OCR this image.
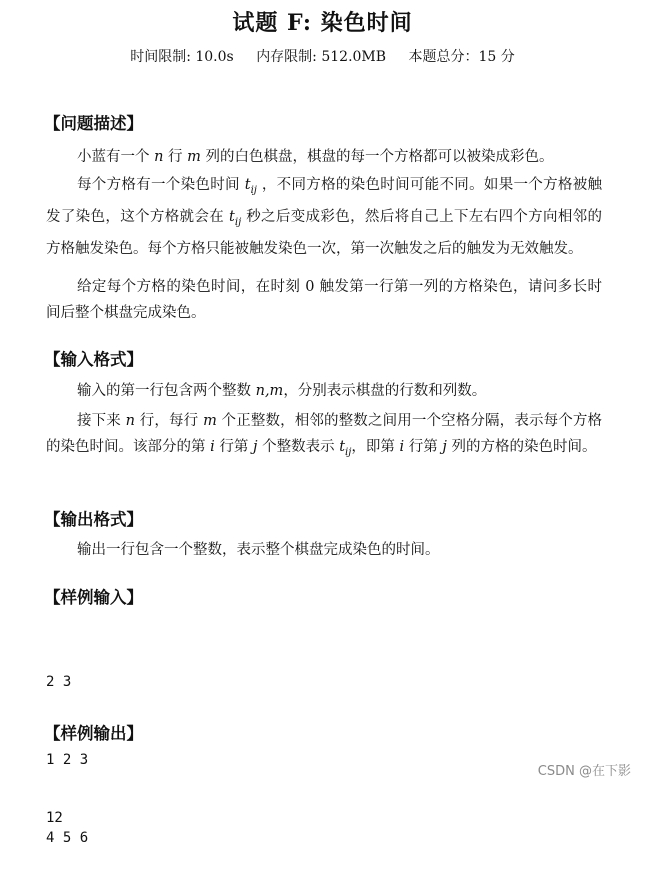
试题 F: 染色时间
时间限制: 10.0s 内存限制: 512.0MB 本题总分：15 分
【问题描述】
小蓝有一个 n 行 m 列的白色棋盘，棋盘的每一个方格都可以被染成彩色。
每个方格有一个染色时间 $t_{ij}$ ，不同方格的染色时间可能不同。如果一个方格被触发了染色，这个方格就会在 $t_{ij}$ 秒之后变成彩色，然后将自己上下左右四个方向相邻的方格触发染色。每个方格只能被触发染色一次，第一次触发之后的触发为无效触发。
给定每个方格的染色时间，在时刻 0 触发第一行第一列的方格染色，请问多长时间后整个棋盘完成染色。
【输入格式】
输入的第一行包含两个整数 n,m，分别表示棋盘的行数和列数。
接下来 n 行，每行 m 个正整数，相邻的整数之间用一个空格分隔，表示每个方格的染色时间。该部分的第 i 行第 j 个整数表示 $t_{ij}$，即第 i 行第 j 列的方格的染色时间。
【输出格式】
输出一行包含一个整数，表示整个棋盘完成染色的时间。
【样例输入】

2 3

1 2 3

4 5 6

【样例输出】

12

CSDN @在下影
